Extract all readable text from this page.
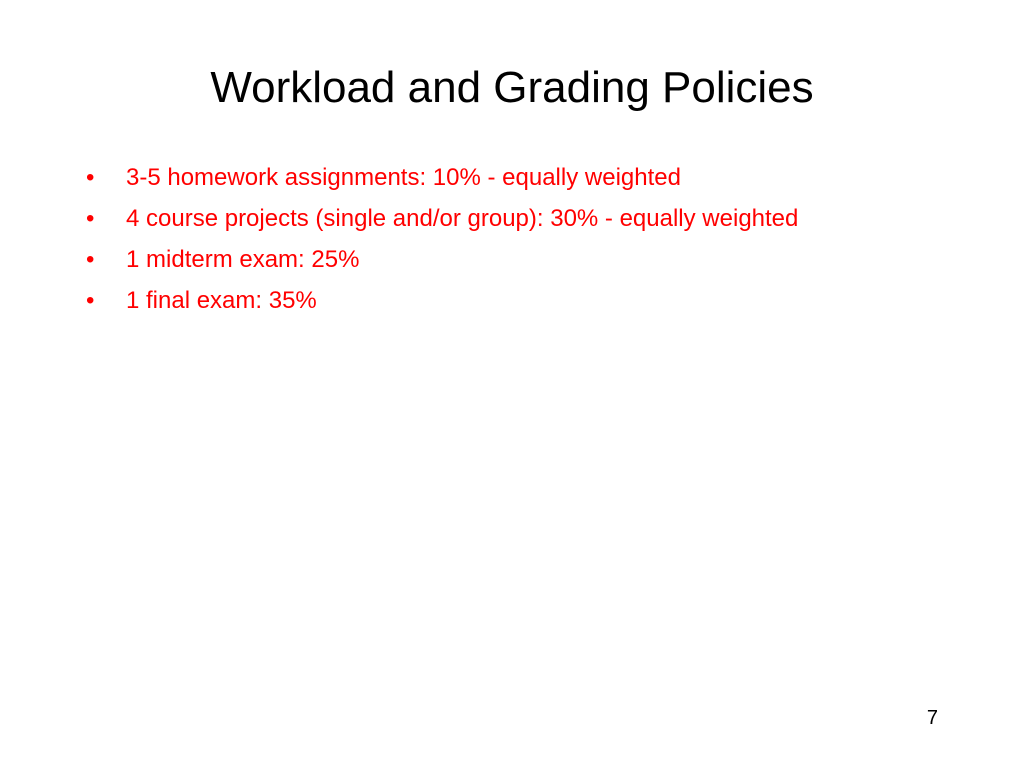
Workload and Grading Policies
• 3-5 homework assignments: 10% - equally weighted
• 4 course projects (single and/or group): 30% - equally weighted
• 1 midterm exam: 25%
• 1 final exam: 35%
7
